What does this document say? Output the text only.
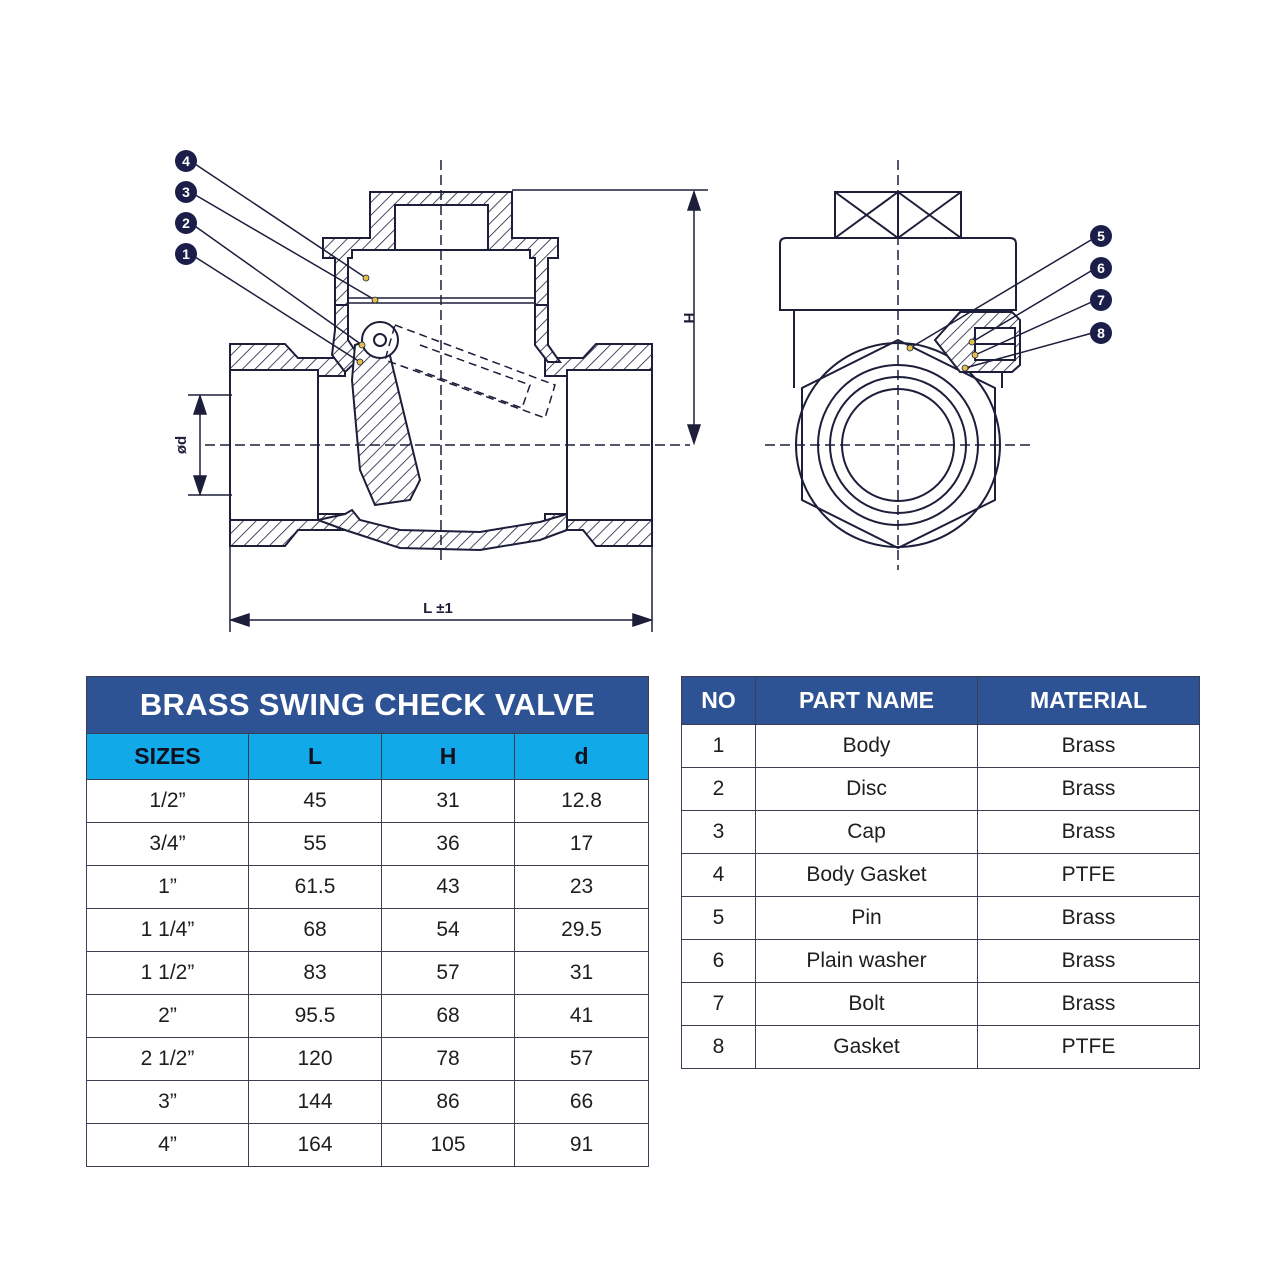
H
ød
L ±1
4
3
2
1
5
6
7
8
BRASS SWING CHECK VALVE			
SIZES	L	H	d
1/2”	45	31	12.8
3/4”	55	36	17
1”	61.5	43	23
1 1/4”	68	54	29.5
1 1/2”	83	57	31
2”	95.5	68	41
2 1/2”	120	78	57
3”	144	86	66
4”	164	105	91
NO	PART NAME	MATERIAL
1	Body	Brass
2	Disc	Brass
3	Cap	Brass
4	Body Gasket	PTFE
5	Pin	Brass
6	Plain washer	Brass
7	Bolt	Brass
8	Gasket	PTFE
